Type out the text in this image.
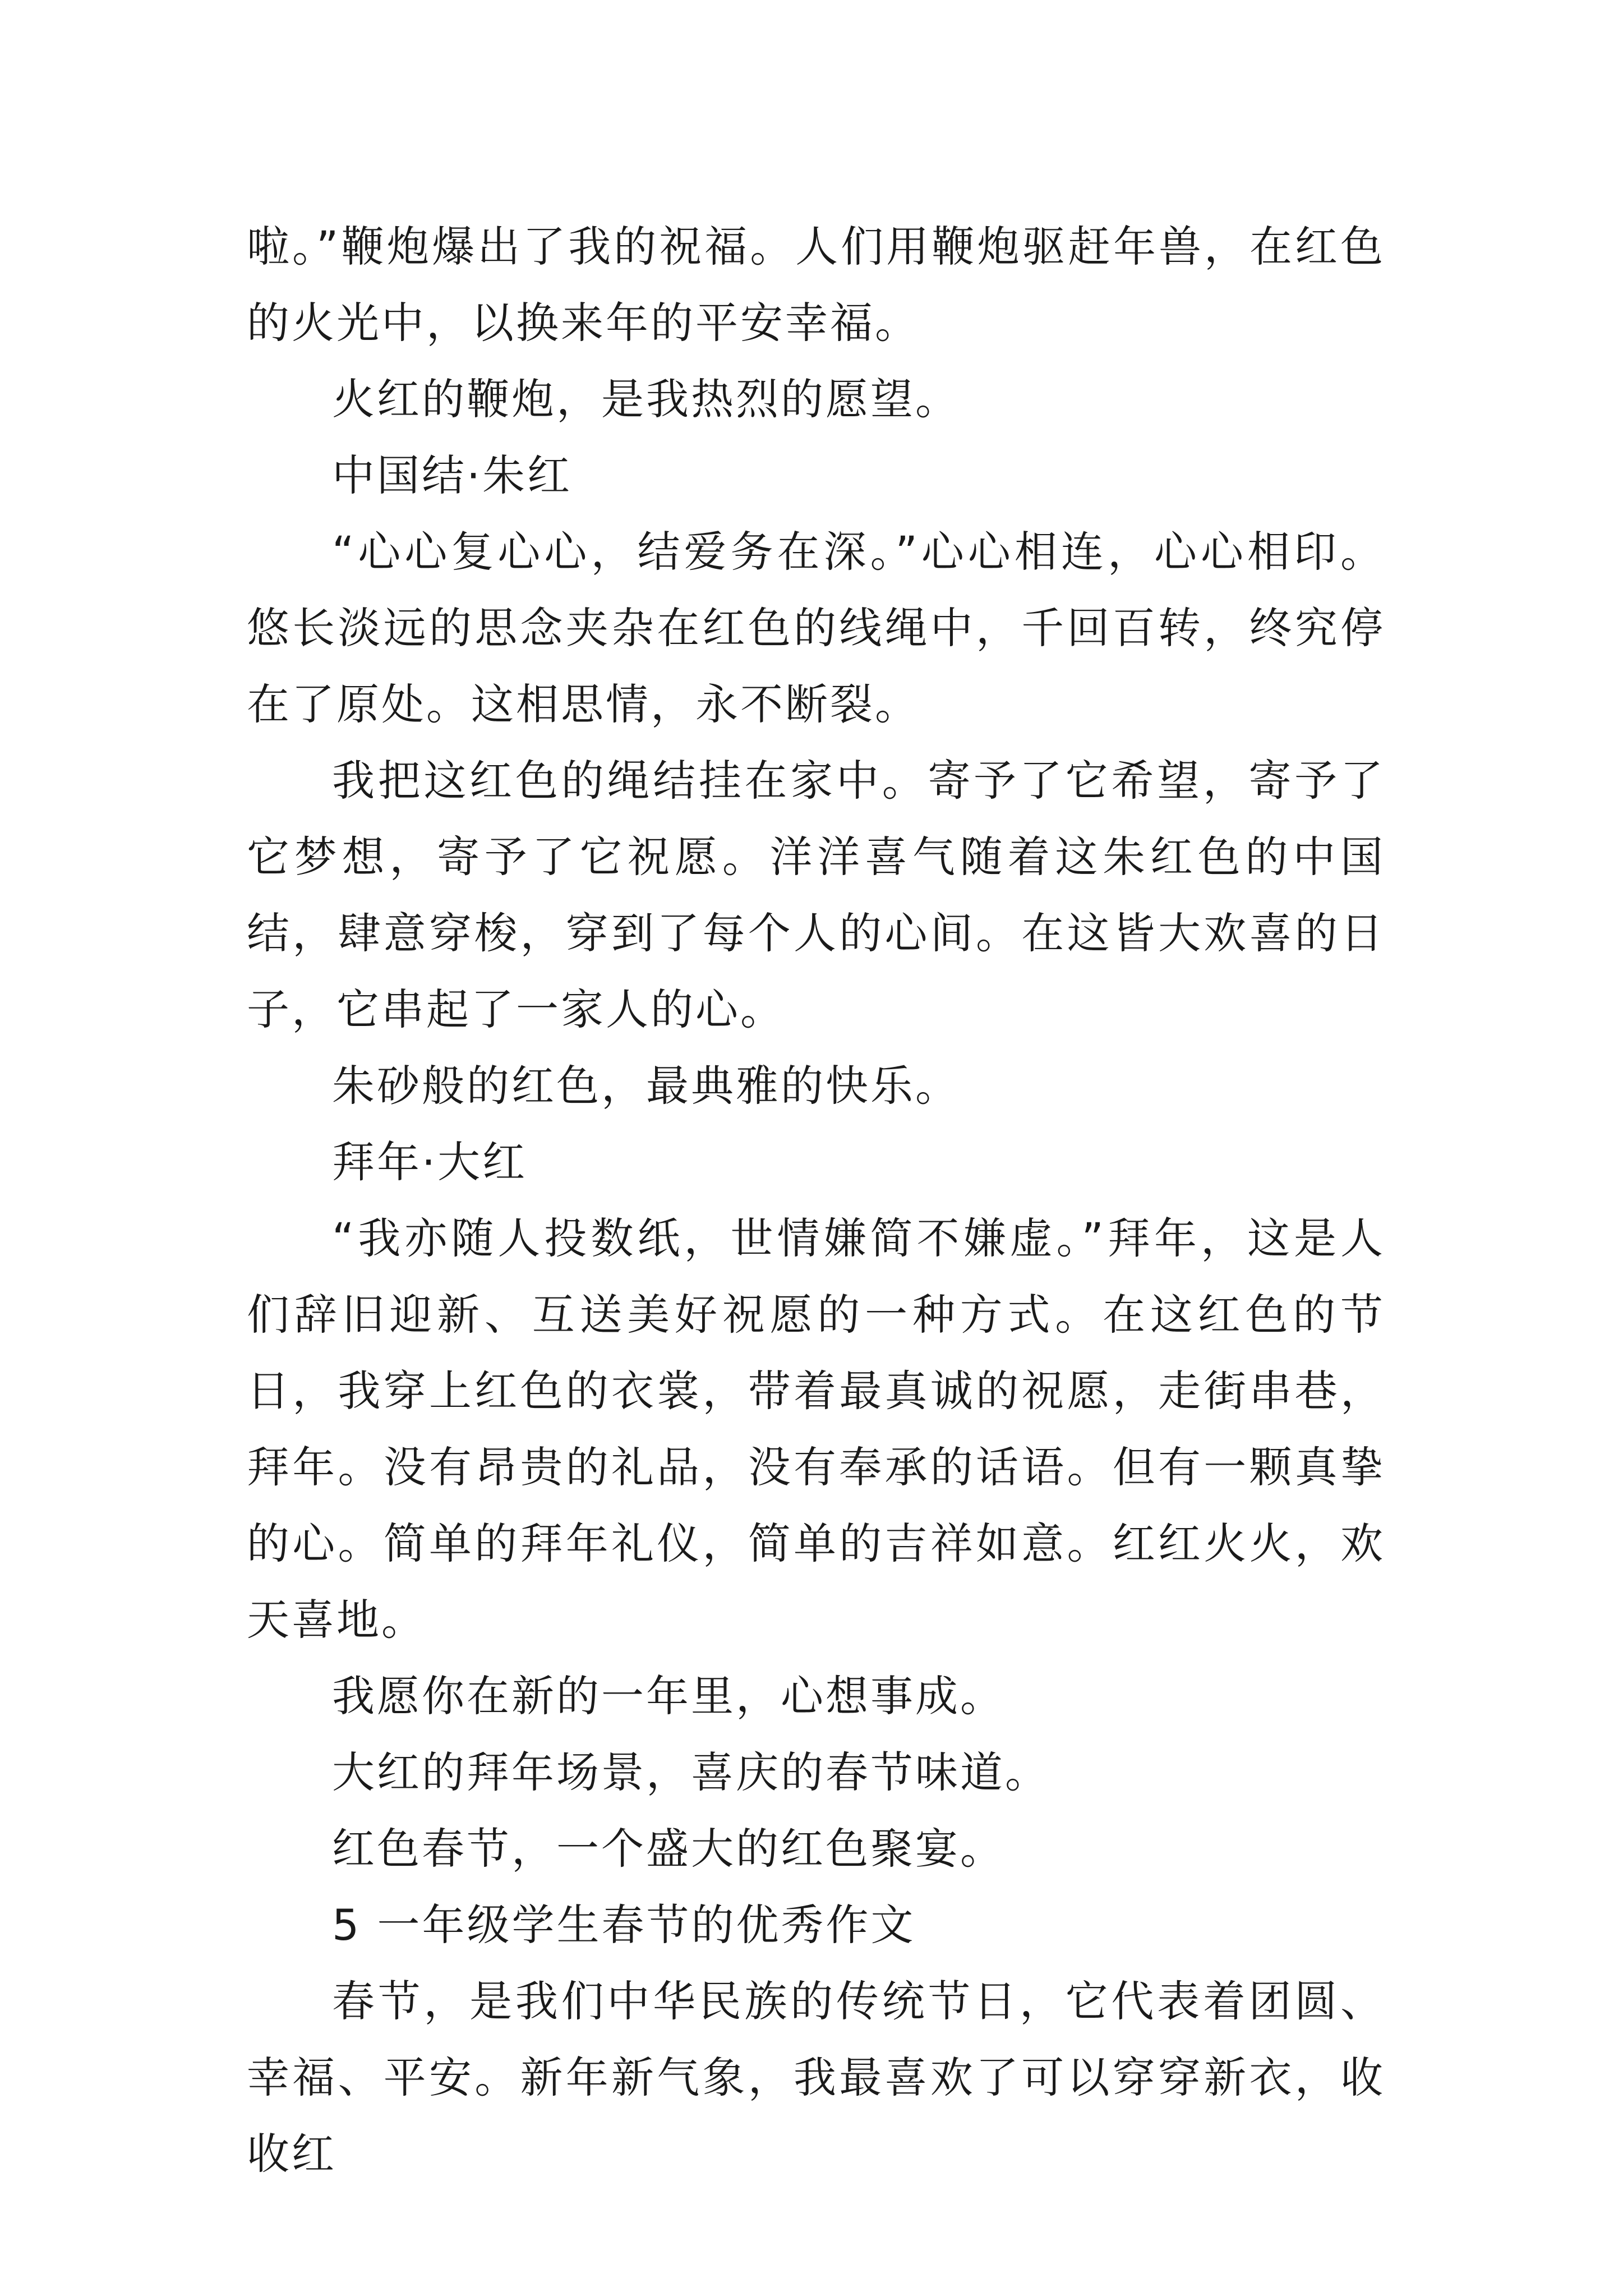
啦。”鞭炮爆出了我的祝福。人们用鞭炮驱赶年兽，在红色的火光中，以换来年的平安幸福。

火红的鞭炮，是我热烈的愿望。

中国结·朱红

“心心复心心，结爱务在深。”心心相连，心心相印。悠长淡远的思念夹杂在红色的线绳中，千回百转，终究停在了原处。这相思情，永不断裂。

我把这红色的绳结挂在家中。寄予了它希望，寄予了它梦想，寄予了它祝愿。洋洋喜气随着这朱红色的中国结，肆意穿梭，穿到了每个人的心间。在这皆大欢喜的日子，它串起了一家人的心。

朱砂般的红色，最典雅的快乐。

拜年·大红

“我亦随人投数纸，世情嫌简不嫌虚。”拜年，这是人们辞旧迎新、互送美好祝愿的一种方式。在这红色的节日，我穿上红色的衣裳，带着最真诚的祝愿，走街串巷，拜年。没有昂贵的礼品，没有奉承的话语。但有一颗真挚的心。简单的拜年礼仪，简单的吉祥如意。红红火火，欢天喜地。

我愿你在新的一年里，心想事成。

大红的拜年场景，喜庆的春节味道。

红色春节，一个盛大的红色聚宴。

5 一年级学生春节的优秀作文

春节，是我们中华民族的传统节日，它代表着团圆、幸福、平安。新年新气象，我最喜欢了可以穿穿新衣，收收红
